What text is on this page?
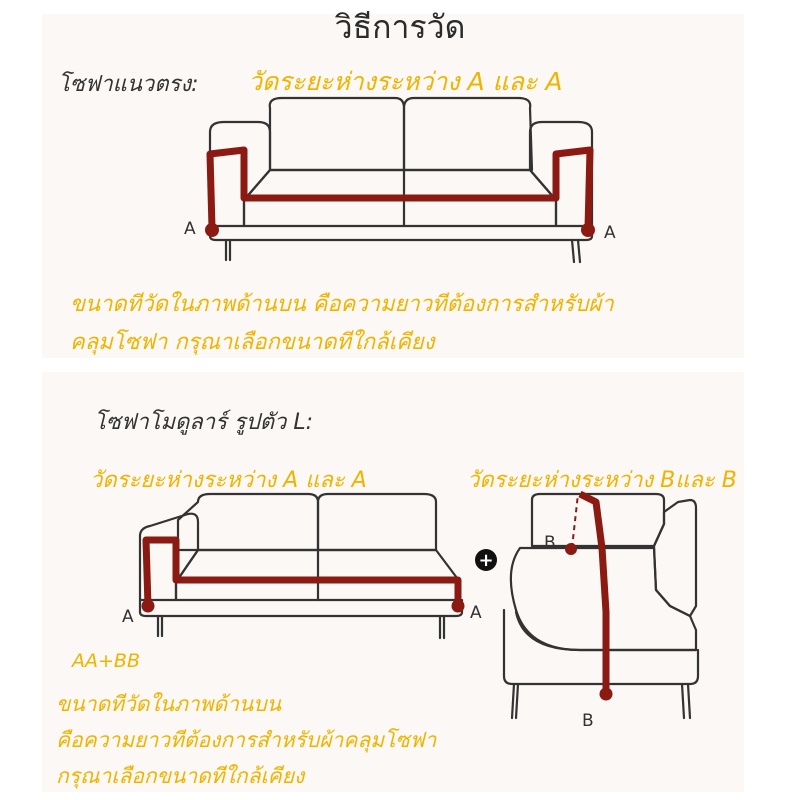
A	A
A	A
+
B
B

วิธีการวัด

โซฟาแนวตรง: วัดระยะห่างระหว่าง A และ A

ขนาดทีวัดในภาพด้านบน คือความยาวทีต้องการสำหรับผ้า

คลุมโซฟา กรุณาเลือกขนาดทีใกล้เคียง

โซฟาโมดูลาร์ รูปตัว L:

วัดระยะห่างระหว่าง A และ A	วัดระยะห่างระหว่าง Bและ B

AA+BB

ขนาดทีวัดในภาพด้านบน

คือความยาวทีต้องการสำหรับผ้าคลุมโซฟา

กรุณาเลือกขนาดทีใกล้เคียง
